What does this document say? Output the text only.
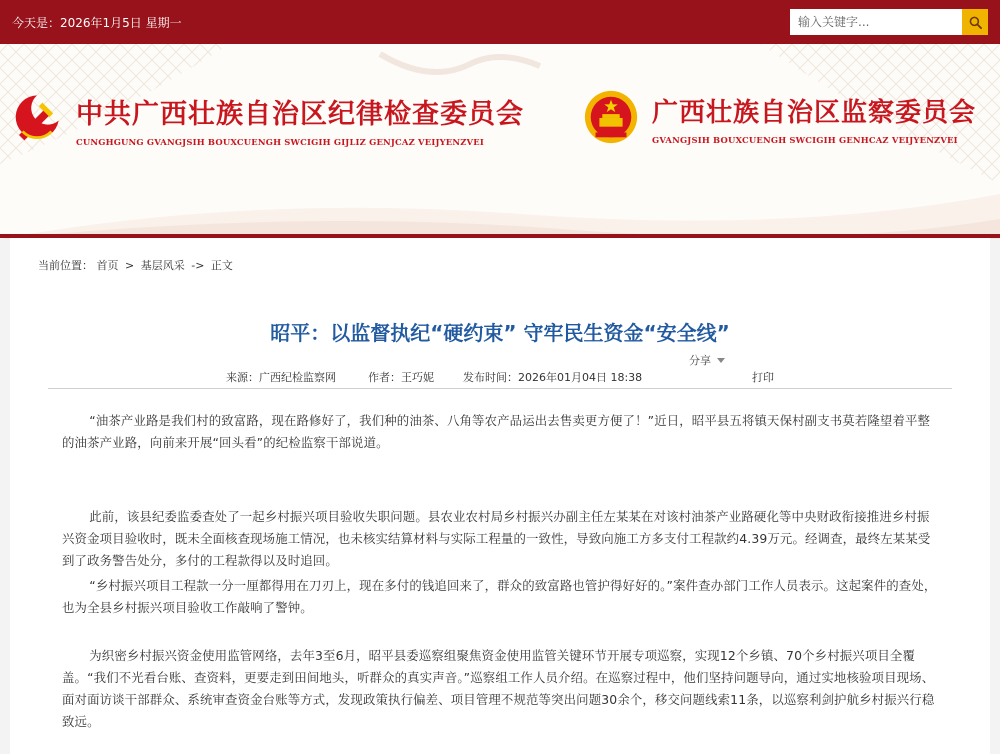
今天是：2026年1月5日 星期一
输入关键字...
中共广西壮族自治区纪律检查委员会
CUNGHGUNG GVANGJSIH BOUXCUENGH SWCIGIH GIJLIZ GENJCAZ VEIJYENZVEI
广西壮族自治区监察委员会
GVANGJSIH BOUXCUENGH SWCIGIH GENHCAZ VEIJYENZVEI
当前位置： 首页 > 基层风采 -> 正文
昭平：以监督执纪“硬约束” 守牢民生资金“安全线”
分享
来源：广西纪检监察网	作者：王巧妮	发布时间：2026年01月04日 18:38	打印

“油茶产业路是我们村的致富路，现在路修好了，我们种的油茶、八角等农产品运出去售卖更方便了！”近日，昭平县五将镇天保村副支书莫若隆望着平整的油茶产业路，向前来开展“回头看”的纪检监察干部说道。

此前，该县纪委监委查处了一起乡村振兴项目验收失职问题。县农业农村局乡村振兴办副主任左某某在对该村油茶产业路硬化等中央财政衔接推进乡村振兴资金项目验收时，既未全面核查现场施工情况，也未核实结算材料与实际工程量的一致性，导致向施工方多支付工程款约4.39万元。经调查，最终左某某受到了政务警告处分，多付的工程款得以及时追回。

“乡村振兴项目工程款一分一厘都得用在刀刃上，现在多付的钱追回来了，群众的致富路也管护得好好的。”案件查办部门工作人员表示。这起案件的查处，也为全县乡村振兴项目验收工作敲响了警钟。

为织密乡村振兴资金使用监管网络，去年3至6月，昭平县委巡察组聚焦资金使用监管关键环节开展专项巡察，实现12个乡镇、70个乡村振兴项目全覆盖。“我们不光看台账、查资料，更要走到田间地头，听群众的真实声音。”巡察组工作人员介绍。在巡察过程中，他们坚持问题导向，通过实地核验项目现场、面对面访谈干部群众、系统审查资金台账等方式，发现政策执行偏差、项目管理不规范等突出问题30余个，移交问题线索11条，以巡察利剑护航乡村振兴行稳致远。
